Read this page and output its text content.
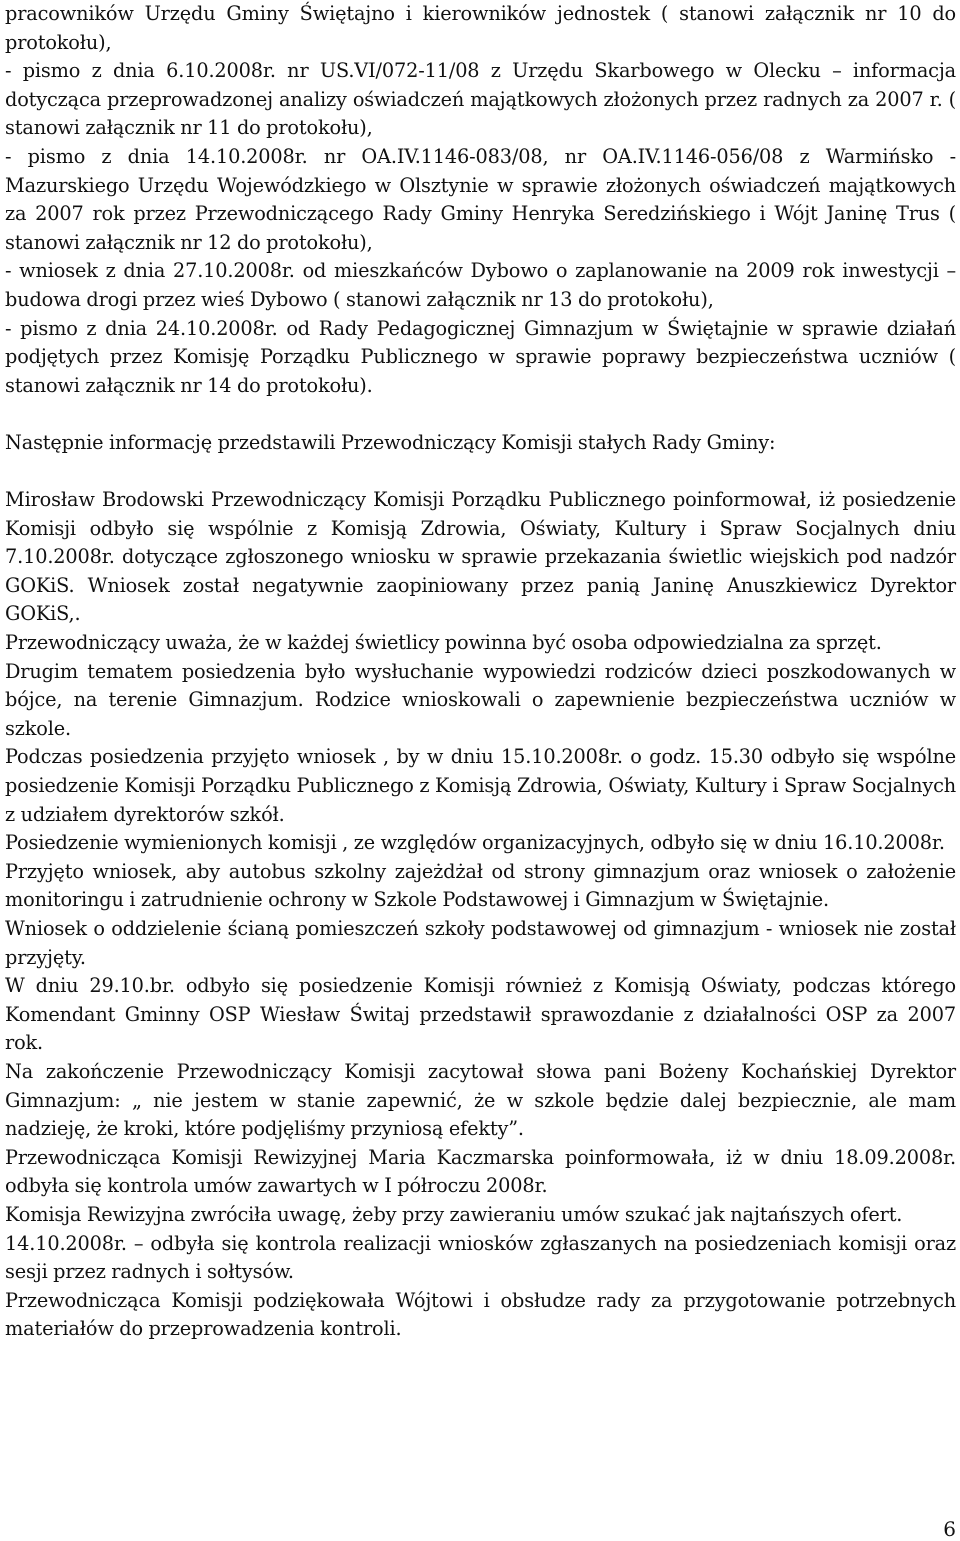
pracowników Urzędu Gminy Świętajno i kierowników jednostek ( stanowi załącznik nr 10 do protokołu),

- pismo z dnia 6.10.2008r. nr US.VI/072-11/08 z Urzędu Skarbowego w Olecku – informacja dotycząca przeprowadzonej analizy oświadczeń majątkowych złożonych przez radnych za 2007 r. ( stanowi załącznik nr 11 do protokołu),

- pismo z dnia 14.10.2008r. nr OA.IV.1146-083/08, nr OA.IV.1146-056/08 z Warmińsko - Mazurskiego Urzędu Wojewódzkiego w Olsztynie w sprawie złożonych oświadczeń majątkowych za 2007 rok przez Przewodniczącego Rady Gminy Henryka Seredzińskiego i Wójt Janinę Trus ( stanowi załącznik nr 12 do protokołu),

- wniosek z dnia 27.10.2008r. od mieszkańców Dybowo o zaplanowanie na 2009 rok inwestycji – budowa drogi przez wieś Dybowo ( stanowi załącznik nr 13 do protokołu),

- pismo z dnia 24.10.2008r. od Rady Pedagogicznej Gimnazjum w Świętajnie w sprawie działań podjętych przez Komisję Porządku Publicznego w sprawie poprawy bezpieczeństwa uczniów ( stanowi załącznik nr 14 do protokołu).

Następnie informację przedstawili Przewodniczący Komisji stałych Rady Gminy:

Mirosław Brodowski Przewodniczący Komisji Porządku Publicznego poinformował, iż posiedzenie Komisji odbyło się wspólnie z Komisją Zdrowia, Oświaty, Kultury i Spraw Socjalnych dniu 7.10.2008r. dotyczące zgłoszonego wniosku w sprawie przekazania świetlic wiejskich pod nadzór GOKiS. Wniosek został negatywnie zaopiniowany przez panią Janinę Anuszkiewicz Dyrektor GOKiS,.

Przewodniczący uważa, że w każdej świetlicy powinna być osoba odpowiedzialna za sprzęt.

Drugim tematem posiedzenia było wysłuchanie wypowiedzi rodziców dzieci poszkodowanych w bójce, na terenie Gimnazjum. Rodzice wnioskowali o zapewnienie bezpieczeństwa uczniów w szkole.

Podczas posiedzenia przyjęto wniosek , by w dniu 15.10.2008r. o godz. 15.30 odbyło się wspólne posiedzenie Komisji Porządku Publicznego z Komisją Zdrowia, Oświaty, Kultury i Spraw Socjalnych z udziałem dyrektorów szkół.

Posiedzenie wymienionych komisji , ze względów organizacyjnych, odbyło się w dniu 16.10.2008r.

Przyjęto wniosek, aby autobus szkolny zajeżdżał od strony gimnazjum oraz wniosek o założenie monitoringu i zatrudnienie ochrony w Szkole Podstawowej i Gimnazjum w Świętajnie.

Wniosek o oddzielenie ścianą pomieszczeń szkoły podstawowej od gimnazjum - wniosek nie został przyjęty.

W dniu 29.10.br. odbyło się posiedzenie Komisji również z Komisją Oświaty, podczas którego Komendant Gminny OSP Wiesław Świtaj przedstawił sprawozdanie z działalności OSP za 2007 rok.

Na zakończenie Przewodniczący Komisji zacytował słowa pani Bożeny Kochańskiej Dyrektor Gimnazjum: „ nie jestem w stanie zapewnić, że w szkole będzie dalej bezpiecznie, ale mam nadzieję, że kroki, które podjęliśmy przyniosą efekty”.

Przewodnicząca Komisji Rewizyjnej Maria Kaczmarska poinformowała, iż w dniu 18.09.2008r. odbyła się kontrola umów zawartych w I półroczu 2008r.

Komisja Rewizyjna zwróciła uwagę, żeby przy zawieraniu umów szukać jak najtańszych ofert.

14.10.2008r. – odbyła się kontrola realizacji wniosków zgłaszanych na posiedzeniach komisji oraz sesji przez radnych i sołtysów.

Przewodnicząca Komisji podziękowała Wójtowi i obsłudze rady za przygotowanie potrzebnych materiałów do przeprowadzenia kontroli.

6
